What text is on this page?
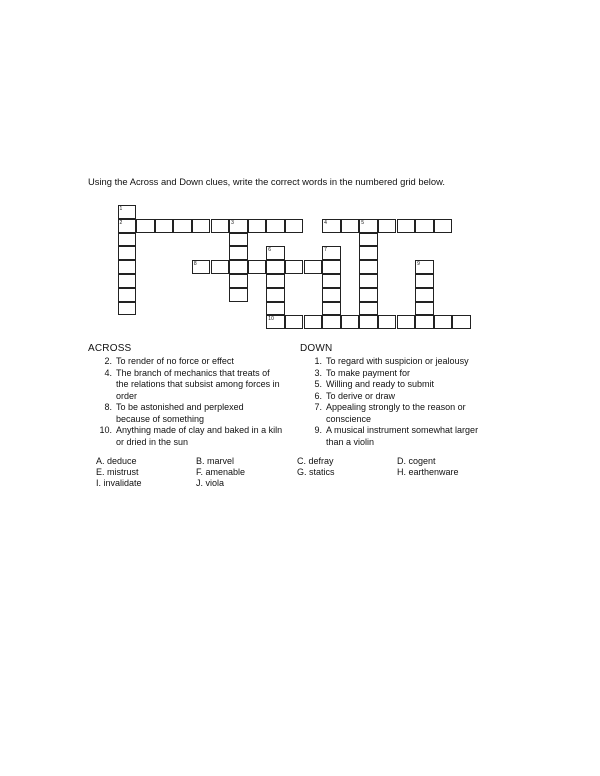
Using the Across and Down clues, write the correct words in the numbered grid below.
1
2	3	4	5
8
6
10
7
9
ACROSS
2. To render of no force or effect
4. The branch of mechanics that treats of the relations that subsist among forces in order
8. To be astonished and perplexed because of something
10. Anything made of clay and baked in a kiln or dried in the sun
DOWN
1. To regard with suspicion or jealousy
3. To make payment for
5. Willing and ready to submit
6. To derive or draw
7. Appealing strongly to the reason or conscience
9. A musical instrument somewhat larger than a violin
A. deduce	B. marvel	C. defray	D. cogent
E. mistrust	F. amenable	G. statics	H. earthenware
I. invalidate	J. viola
